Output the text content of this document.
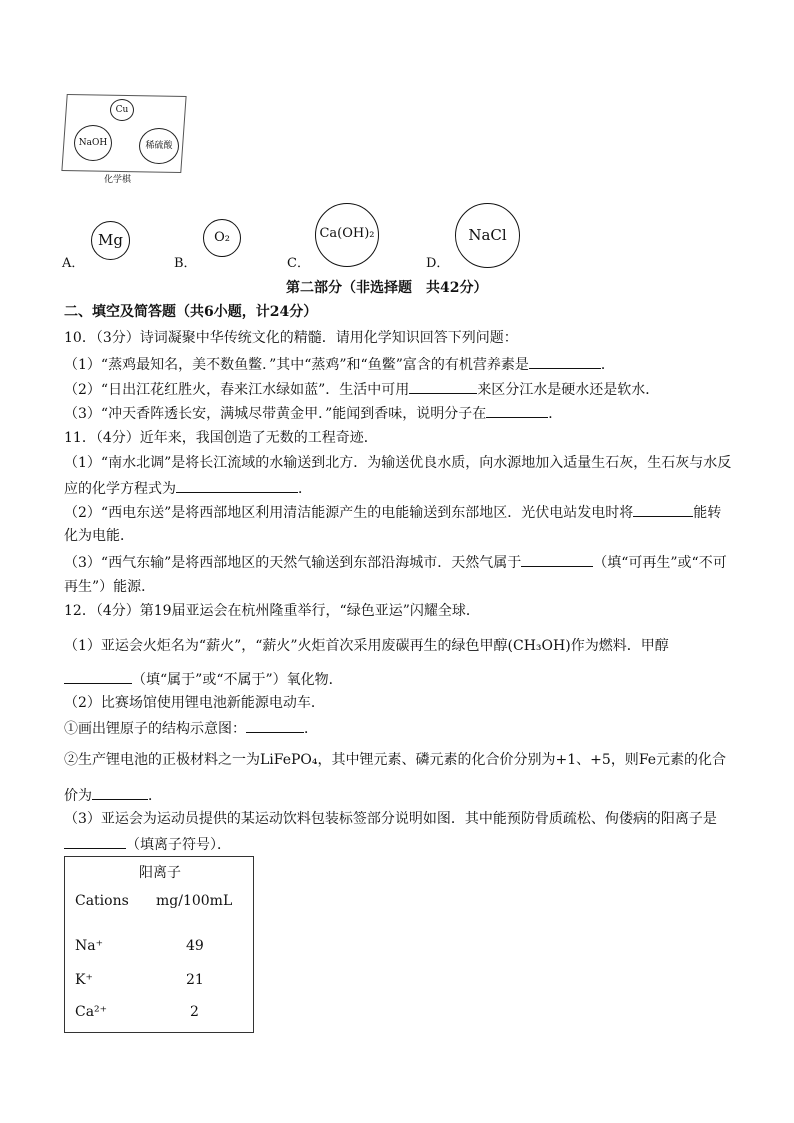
Cu
NaOH	稀硫酸
化学棋
A．
Mg
B．
O₂
C．
Ca(OH)₂
D．
NaCl
第二部分（非选择题　共42分）
二、填空及简答题（共6小题，计24分）
10．（3分）诗词凝聚中华传统文化的精髓．请用化学知识回答下列问题：
（1）“蒸鸡最知名，美不数鱼鳖．”其中“蒸鸡”和“鱼鳖”富含的有机营养素是	．
（2）“日出江花红胜火，春来江水绿如蓝”．生活中可用	来区分江水是硬水还是软水．
（3）“冲天香阵透长安，满城尽带黄金甲．”能闻到香味，说明分子在	．
11．（4分）近年来，我国创造了无数的工程奇迹．
（1）“南水北调”是将长江流域的水输送到北方．为输送优良水质，向水源地加入适量生石灰，生石灰与水反
应的化学方程式为	．
（2）“西电东送”是将西部地区利用清洁能源产生的电能输送到东部地区．光伏电站发电时将	能转
化为电能．
（3）“西气东输”是将西部地区的天然气输送到东部沿海城市．天然气属于	（填“可再生”或“不可
再生”）能源．
12．（4分）第19届亚运会在杭州隆重举行，“绿色亚运”闪耀全球．
（1）亚运会火炬名为“薪火”，“薪火”火炬首次采用废碳再生的绿色甲醇(CH₃OH)作为燃料．甲醇
（填“属于”或“不属于”）氧化物．
（2）比赛场馆使用锂电池新能源电动车．
①画出锂原子的结构示意图：	．
②生产锂电池的正极材料之一为LiFePO₄，其中锂元素、磷元素的化合价分别为+1、+5，则Fe元素的化合
价为	．
（3）亚运会为运动员提供的某运动饮料包装标签部分说明如图．其中能预防骨质疏松、佝偻病的阳离子是
（填离子符号）．
阳离子
Cations mg/100mL
Na⁺	49
K⁺	21
Ca²⁺	2
